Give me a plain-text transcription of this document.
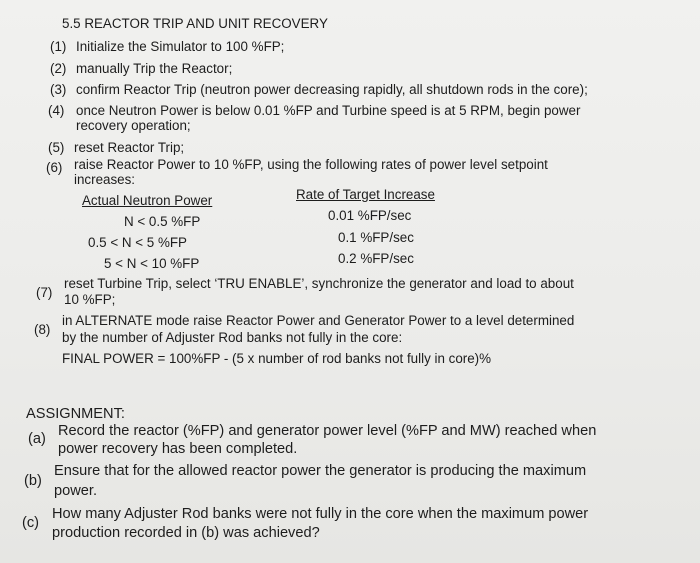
5.5 REACTOR TRIP AND UNIT RECOVERY
(1) Initialize the Simulator to 100 %FP;
(2) manually Trip the Reactor;
(3) confirm Reactor Trip (neutron power decreasing rapidly, all shutdown rods in the core);
(4) once Neutron Power is below 0.01 %FP and Turbine speed is at 5 RPM, begin power
recovery operation;
(5) reset Reactor Trip;
(6) raise Reactor Power to 10 %FP, using the following rates of power level setpoint
increases:
Actual Neutron Power	Rate of Target Increase
N < 0.5 %FP	0.01 %FP/sec
0.5 < N < 5 %FP	0.1 %FP/sec
5 < N < 10 %FP	0.2 %FP/sec
(7)
reset Turbine Trip, select ‘TRU ENABLE’, synchronize the generator and load to about
10 %FP;
(8)
in ALTERNATE mode raise Reactor Power and Generator Power to a level determined
by the number of Adjuster Rod banks not fully in the core:
FINAL POWER = 100%FP - (5 x number of rod banks not fully in core)%
ASSIGNMENT:
(a) Record the reactor (%FP) and generator power level (%FP and MW) reached when
power recovery has been completed.
(b)
Ensure that for the allowed reactor power the generator is producing the maximum
power.
(c)
How many Adjuster Rod banks were not fully in the core when the maximum power
production recorded in (b) was achieved?
